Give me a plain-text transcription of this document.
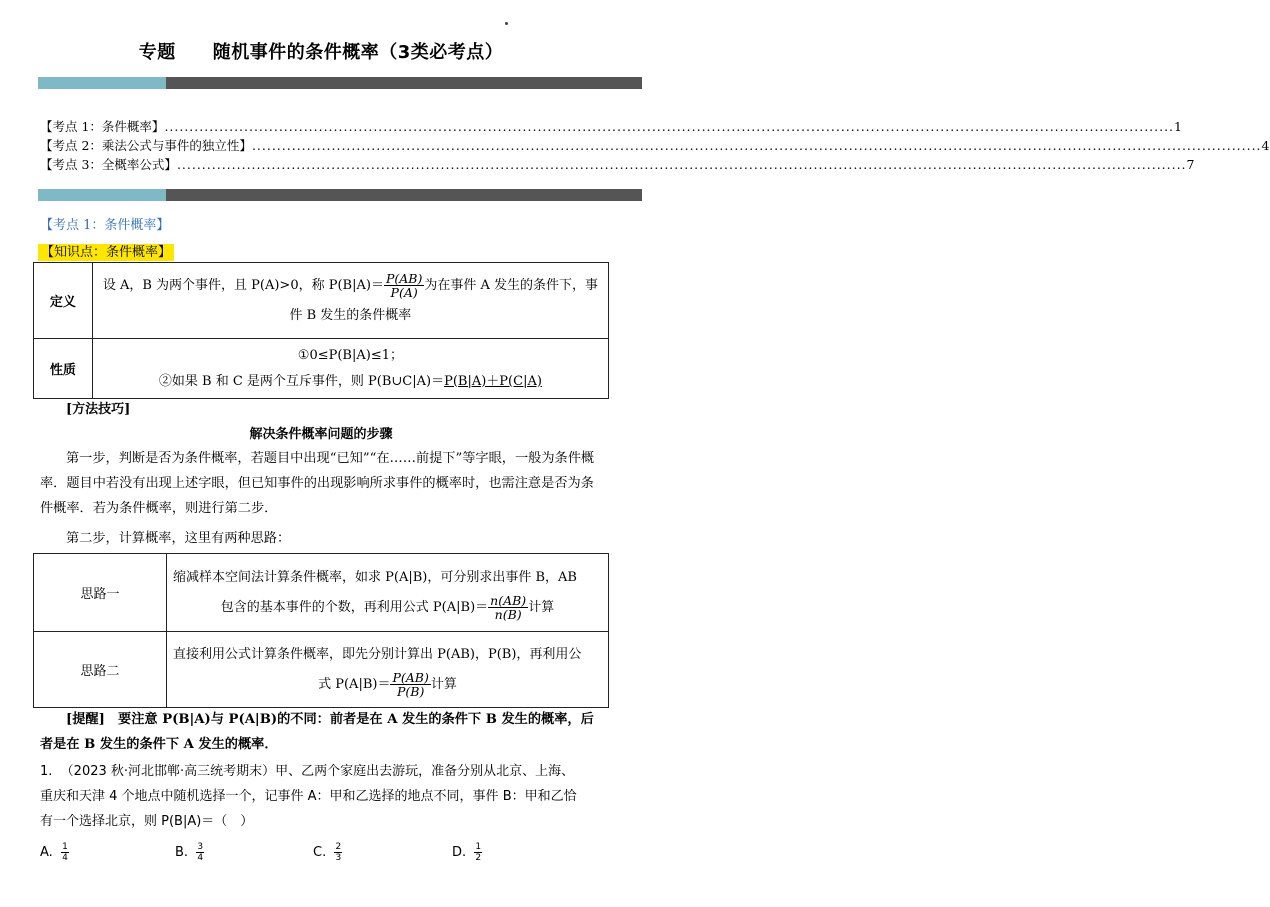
专题　　随机事件的条件概率（3类必考点）
【考点 1：条件概率】...........................................................................................................................................................................................................1
【考点 2：乘法公式与事件的独立性】...........................................................................................................................................................................................................4
【考点 3：全概率公式】...........................................................................................................................................................................................................7
【考点 1：条件概率】
【知识点：条件概率】
定义	设 A，B 为两个事件，且 P(A)>0，称 $P(B|A)= \frac{P(AB)}{P(A)}$ 为在事件 A 发生的条件下，事
件 B 发生的条件概率

性质	①0≤P(B|A)≤1；
②如果 B 和 C 是两个互斥事件，则 P(B∪C|A)＝P(B|A)＋P(C|A)
[方法技巧]
解决条件概率问题的步骤
第一步，判断是否为条件概率，若题目中出现“已知”“在……前提下”等字眼，一般为条件概率．题目中若没有出现上述字眼，但已知事件的出现影响所求事件的概率时，也需注意是否为条件概率．若为条件概率，则进行第二步．
第二步，计算概率，这里有两种思路：
思路一	缩减样本空间法计算条件概率，如求 P(A|B)，可分别求出事件 B，AB
包含的基本事件的个数，再利用公式 $P(A|B)= \frac{n(AB)}{n(B)}$ 计算

思路二	直接利用公式计算条件概率，即先分别计算出 P(AB)，P(B)，再利用公
式 $P(A|B)= \frac{P(AB)}{P(B)}$ 计算
[提醒]　要注意 P(B|A)与 P(A|B)的不同：前者是在 A 发生的条件下 B 发生的概率，后者是在 B 发生的条件下 A 发生的概率．
1. （2023 秋·河北邯郸·高三统考期末）甲、乙两个家庭出去游玩，准备分别从北京、上海、
重庆和天津 4 个地点中随机选择一个，记事件 A：甲和乙选择的地点不同，事件 B：甲和乙恰
有一个选择北京，则 P(B|A)＝（　）
A. $\frac{1}{4}$	B. $\frac{3}{4}$	C. $\frac{2}{3}$	D. $\frac{1}{2}$
